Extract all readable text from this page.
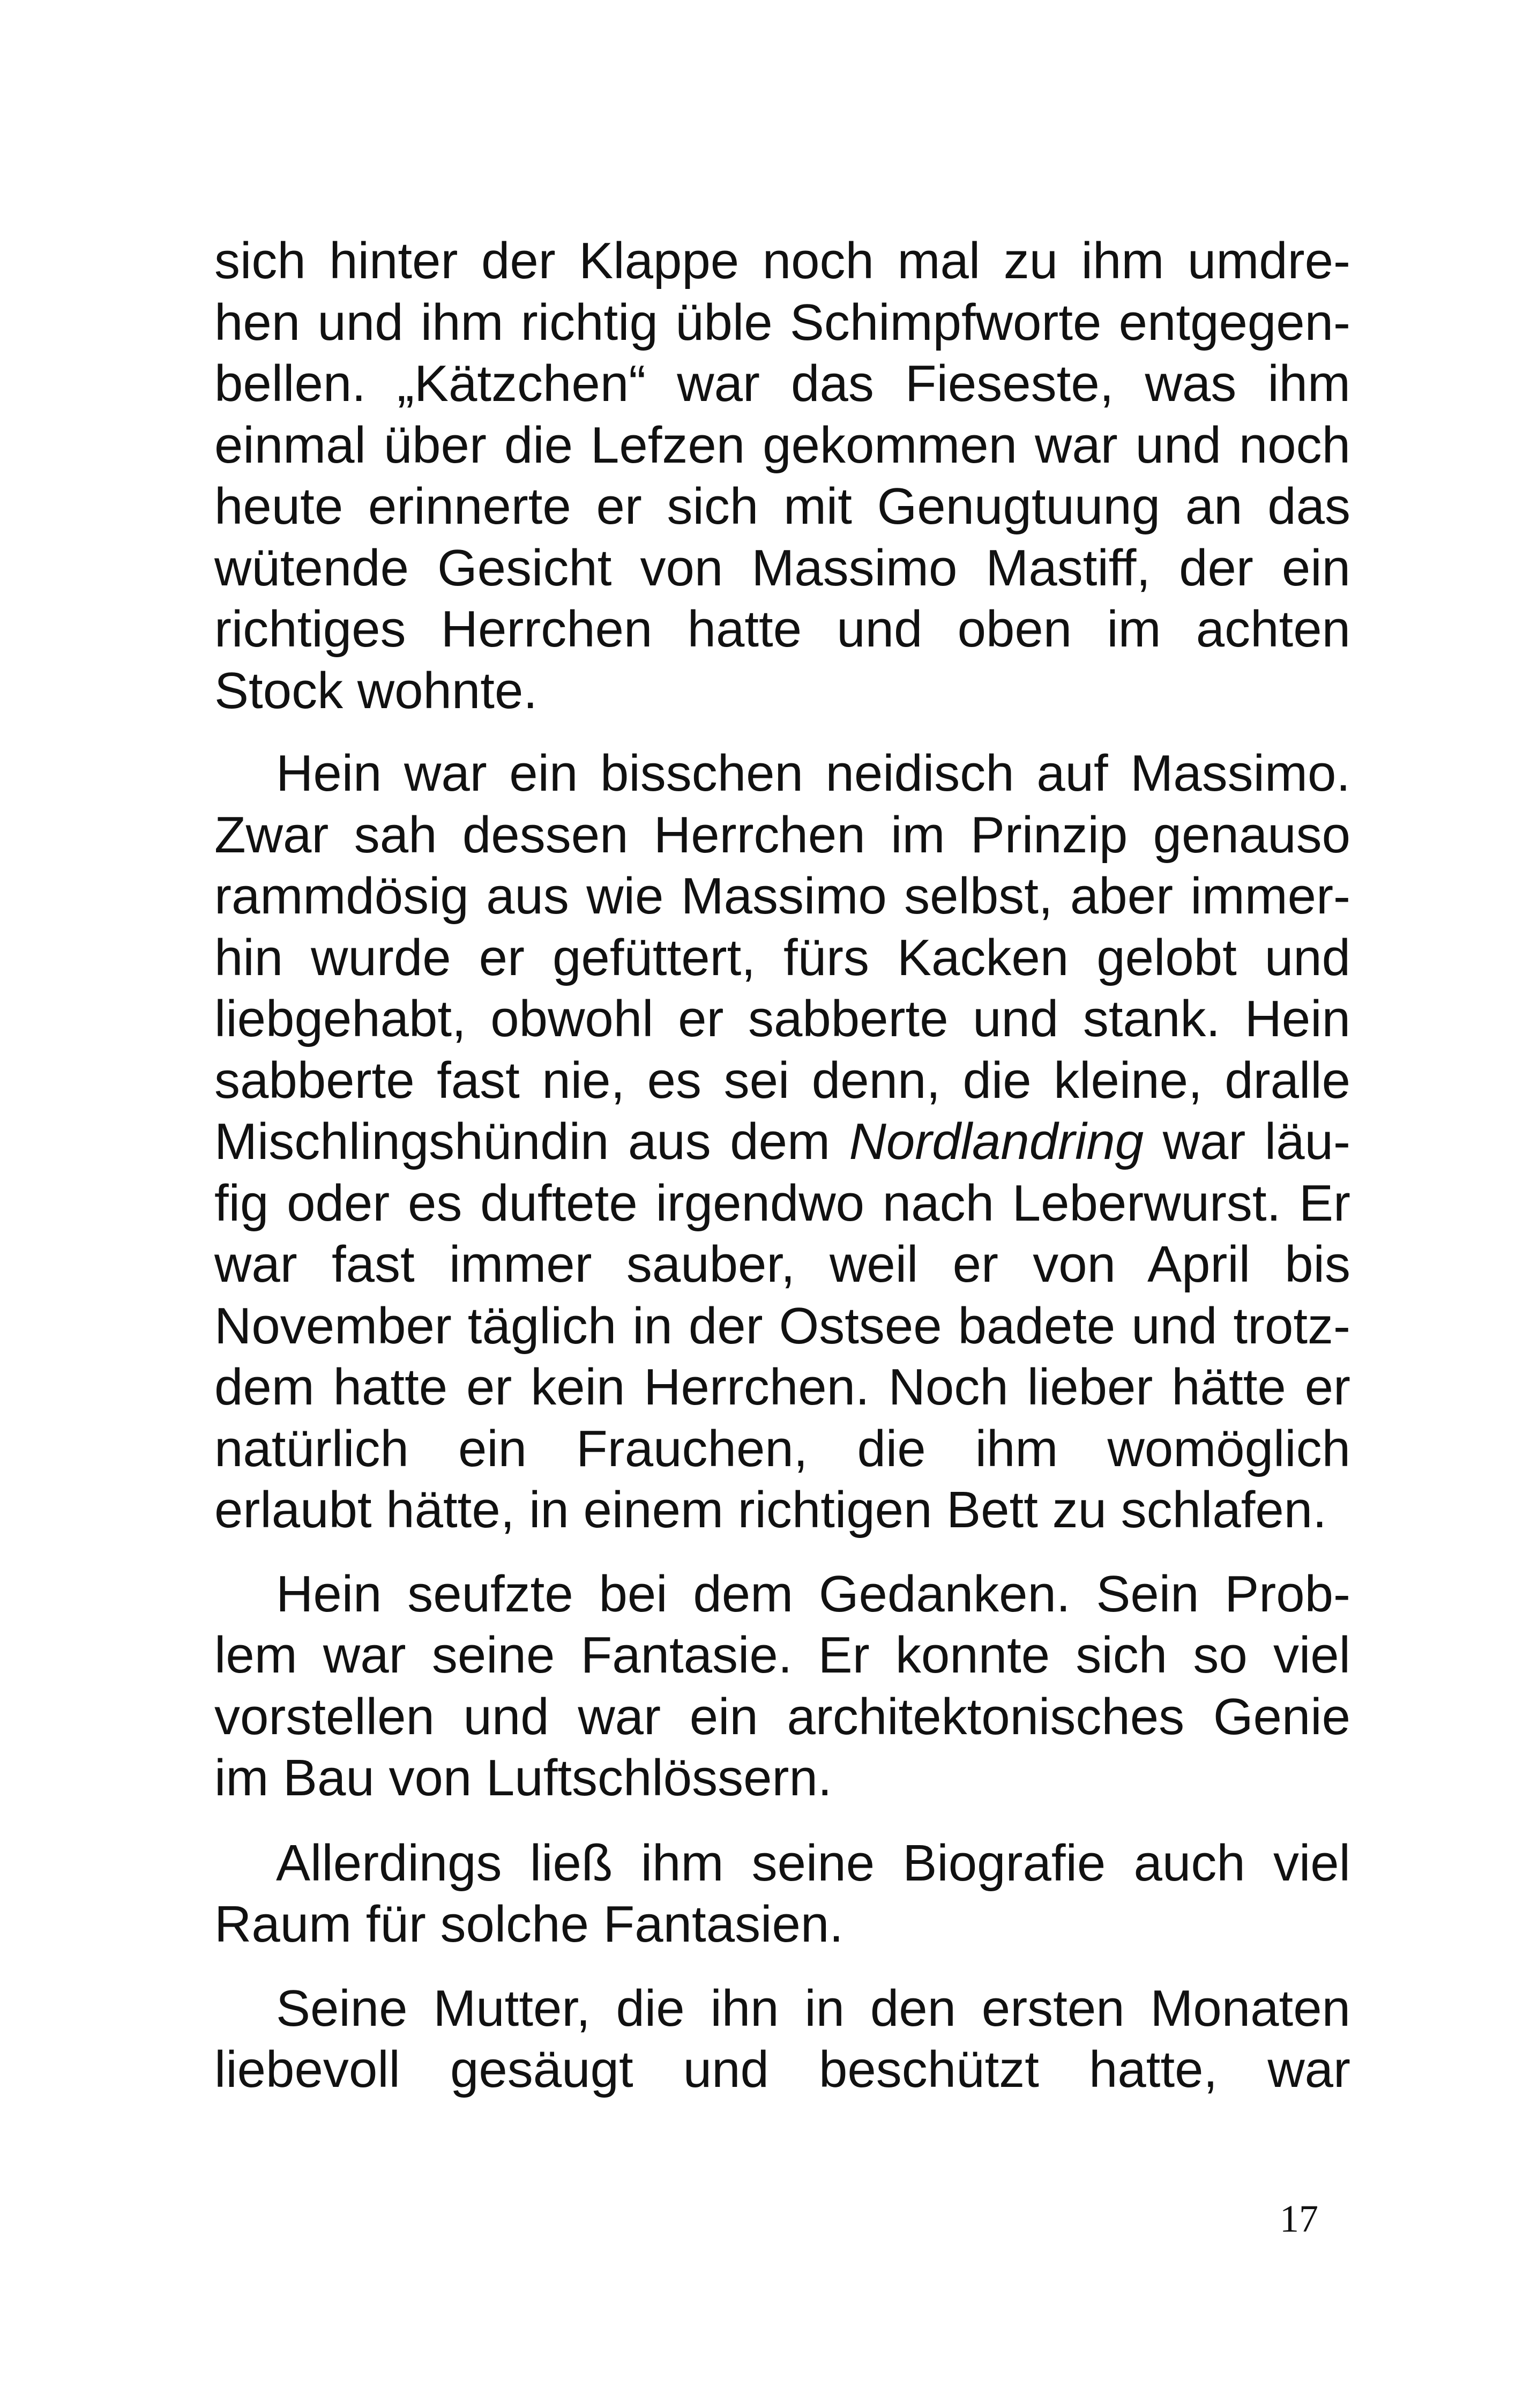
sich hinter der Klappe noch mal zu ihm umdre-
hen und ihm richtig üble Schimpfworte entgegen-
bellen. „Kätzchen“ war das Fieseste, was ihm
einmal über die Lefzen gekommen war und noch
heute erinnerte er sich mit Genugtuung an das
wütende Gesicht von Massimo Mastiff, der ein
richtiges Herrchen hatte und oben im achten
Stock wohnte.
Hein war ein bisschen neidisch auf Massimo.
Zwar sah dessen Herrchen im Prinzip genauso
rammdösig aus wie Massimo selbst, aber immer-
hin wurde er gefüttert, fürs Kacken gelobt und
liebgehabt, obwohl er sabberte und stank. Hein
sabberte fast nie, es sei denn, die kleine, dralle
Mischlingshündin aus dem Nordlandring war läu-
fig oder es duftete irgendwo nach Leberwurst. Er
war fast immer sauber, weil er von April bis
November täglich in der Ostsee badete und trotz-
dem hatte er kein Herrchen. Noch lieber hätte er
natürlich ein Frauchen, die ihm womöglich
erlaubt hätte, in einem richtigen Bett zu schlafen.
Hein seufzte bei dem Gedanken. Sein Prob-
lem war seine Fantasie. Er konnte sich so viel
vorstellen und war ein architektonisches Genie
im Bau von Luftschlössern.
Allerdings ließ ihm seine Biografie auch viel
Raum für solche Fantasien.
Seine Mutter, die ihn in den ersten Monaten
liebevoll gesäugt und beschützt hatte, war
17
